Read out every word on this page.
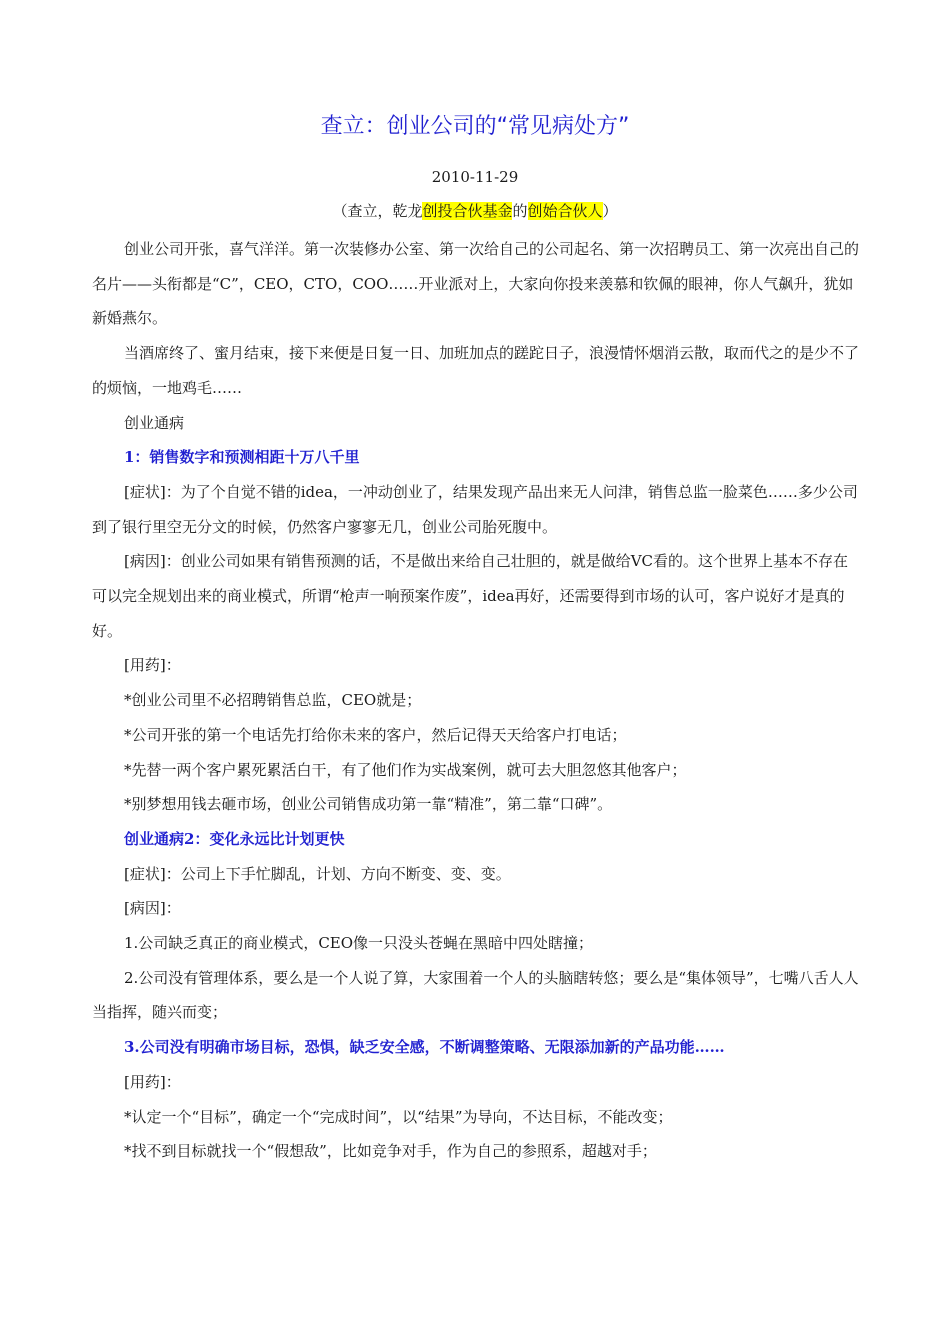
查立：创业公司的“常见病处方”
2010-11-29
（查立，乾龙创投合伙基金的创始合伙人）

创业公司开张，喜气洋洋。第一次装修办公室、第一次给自己的公司起名、第一次招聘员工、第一次亮出自己的名片——头衔都是“C”，CEO，CTO，COO……开业派对上，大家向你投来羡慕和钦佩的眼神，你人气飙升，犹如新婚燕尔。

当酒席终了、蜜月结束，接下来便是日复一日、加班加点的蹉跎日子，浪漫情怀烟消云散，取而代之的是少不了的烦恼，一地鸡毛……

创业通病

1：销售数字和预测相距十万八千里

[症状]：为了个自觉不错的idea，一冲动创业了，结果发现产品出来无人问津，销售总监一脸菜色……多少公司到了银行里空无分文的时候，仍然客户寥寥无几，创业公司胎死腹中。

[病因]：创业公司如果有销售预测的话，不是做出来给自己壮胆的，就是做给VC看的。这个世界上基本不存在可以完全规划出来的商业模式，所谓“枪声一响预案作废”，idea再好，还需要得到市场的认可，客户说好才是真的好。

[用药]：

*创业公司里不必招聘销售总监，CEO就是；

*公司开张的第一个电话先打给你未来的客户，然后记得天天给客户打电话；

*先替一两个客户累死累活白干，有了他们作为实战案例，就可去大胆忽悠其他客户；

*别梦想用钱去砸市场，创业公司销售成功第一靠“精准”，第二靠“口碑”。

创业通病2：变化永远比计划更快

[症状]：公司上下手忙脚乱，计划、方向不断变、变、变。

[病因]：

1.公司缺乏真正的商业模式，CEO像一只没头苍蝇在黑暗中四处瞎撞；

2.公司没有管理体系，要么是一个人说了算，大家围着一个人的头脑瞎转悠；要么是“集体领导”，七嘴八舌人人当指挥，随兴而变；

3.公司没有明确市场目标，恐惧，缺乏安全感，不断调整策略、无限添加新的产品功能……

[用药]：

*认定一个“目标”，确定一个“完成时间”，以“结果”为导向，不达目标，不能改变；

*找不到目标就找一个“假想敌”，比如竞争对手，作为自己的参照系，超越对手；
